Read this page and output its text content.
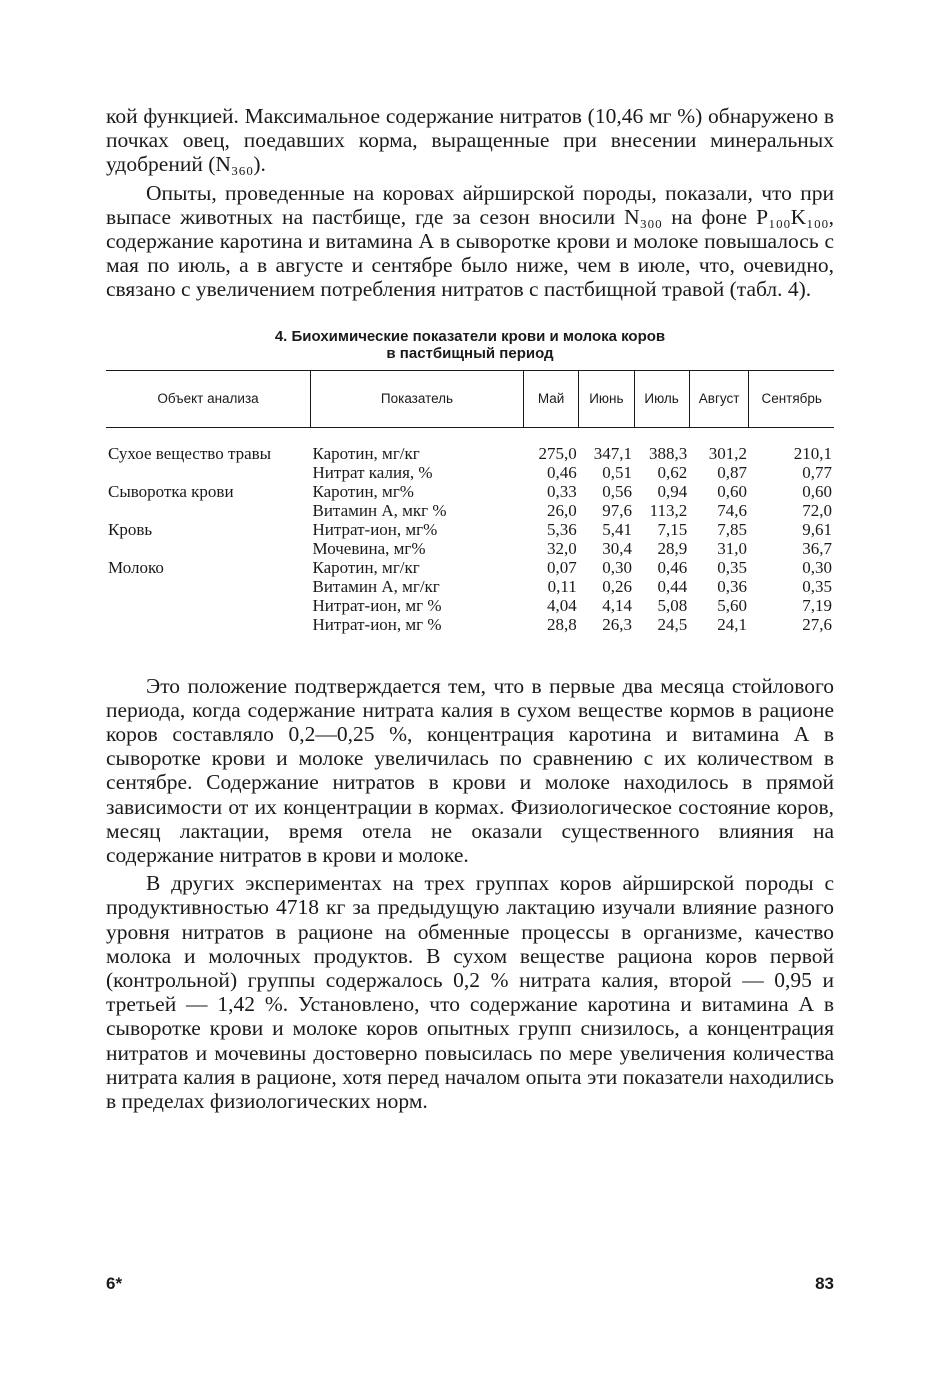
кой функцией. Максимальное содержание нитратов (10,46 мг %) обнаружено в почках овец, поедавших корма, выращенные при внесении минеральных удобрений (N₃₆₀).

Опыты, проведенные на коровах айрширской породы, показали, что при выпасе животных на пастбище, где за сезон вносили N₃₀₀ на фоне P₁₀₀K₁₀₀, содержание каротина и витамина А в сыворотке крови и молоке повышалось с мая по июль, а в августе и сентябре было ниже, чем в июле, что, очевидно, связано с увеличением потребления нитратов с пастбищной травой (табл. 4).

4. Биохимические показатели крови и молока коров
в пастбищный период
Объект анализа	Показатель	Май	Июнь	Июль	Август	Сентябрь
Сухое вещество травы	Каротин, мг/кг	275,0	347,1	388,3	301,2	210,1
	Нитрат калия, %	0,46	0,51	0,62	0,87	0,77
Сыворотка крови	Каротин, мг%	0,33	0,56	0,94	0,60	0,60
	Витамин А, мкг %	26,0	97,6	113,2	74,6	72,0
Кровь	Нитрат-ион, мг%	5,36	5,41	7,15	7,85	9,61
	Мочевина, мг%	32,0	30,4	28,9	31,0	36,7
Молоко	Каротин, мг/кг	0,07	0,30	0,46	0,35	0,30
	Витамин А, мг/кг	0,11	0,26	0,44	0,36	0,35
	Нитрат-ион, мг %	4,04	4,14	5,08	5,60	7,19
	Нитрат-ион, мг %	28,8	26,3	24,5	24,1	27,6

Это положение подтверждается тем, что в первые два месяца стойлового периода, когда содержание нитрата калия в сухом веществе кормов в рационе коров составляло 0,2—0,25 %, концентрация каротина и витамина А в сыворотке крови и молоке увеличилась по сравнению с их количеством в сентябре. Содержание нитратов в крови и молоке находилось в прямой зависимости от их концентрации в кормах. Физиологическое состояние коров, месяц лактации, время отела не оказали существенного влияния на содержание нитратов в крови и молоке.

В других экспериментах на трех группах коров айрширской породы с продуктивностью 4718 кг за предыдущую лактацию изучали влияние разного уровня нитратов в рационе на обменные процессы в организме, качество молока и молочных продуктов. В сухом веществе рациона коров первой (контрольной) группы содержалось 0,2 % нитрата калия, второй — 0,95 и третьей — 1,42 %. Установлено, что содержание каротина и витамина А в сыворотке крови и молоке коров опытных групп снизилось, а концентрация нитратов и мочевины достоверно повысилась по мере увеличения количества нитрата калия в рационе, хотя перед началом опыта эти показатели находились в пределах физиологических норм.

6*	83
